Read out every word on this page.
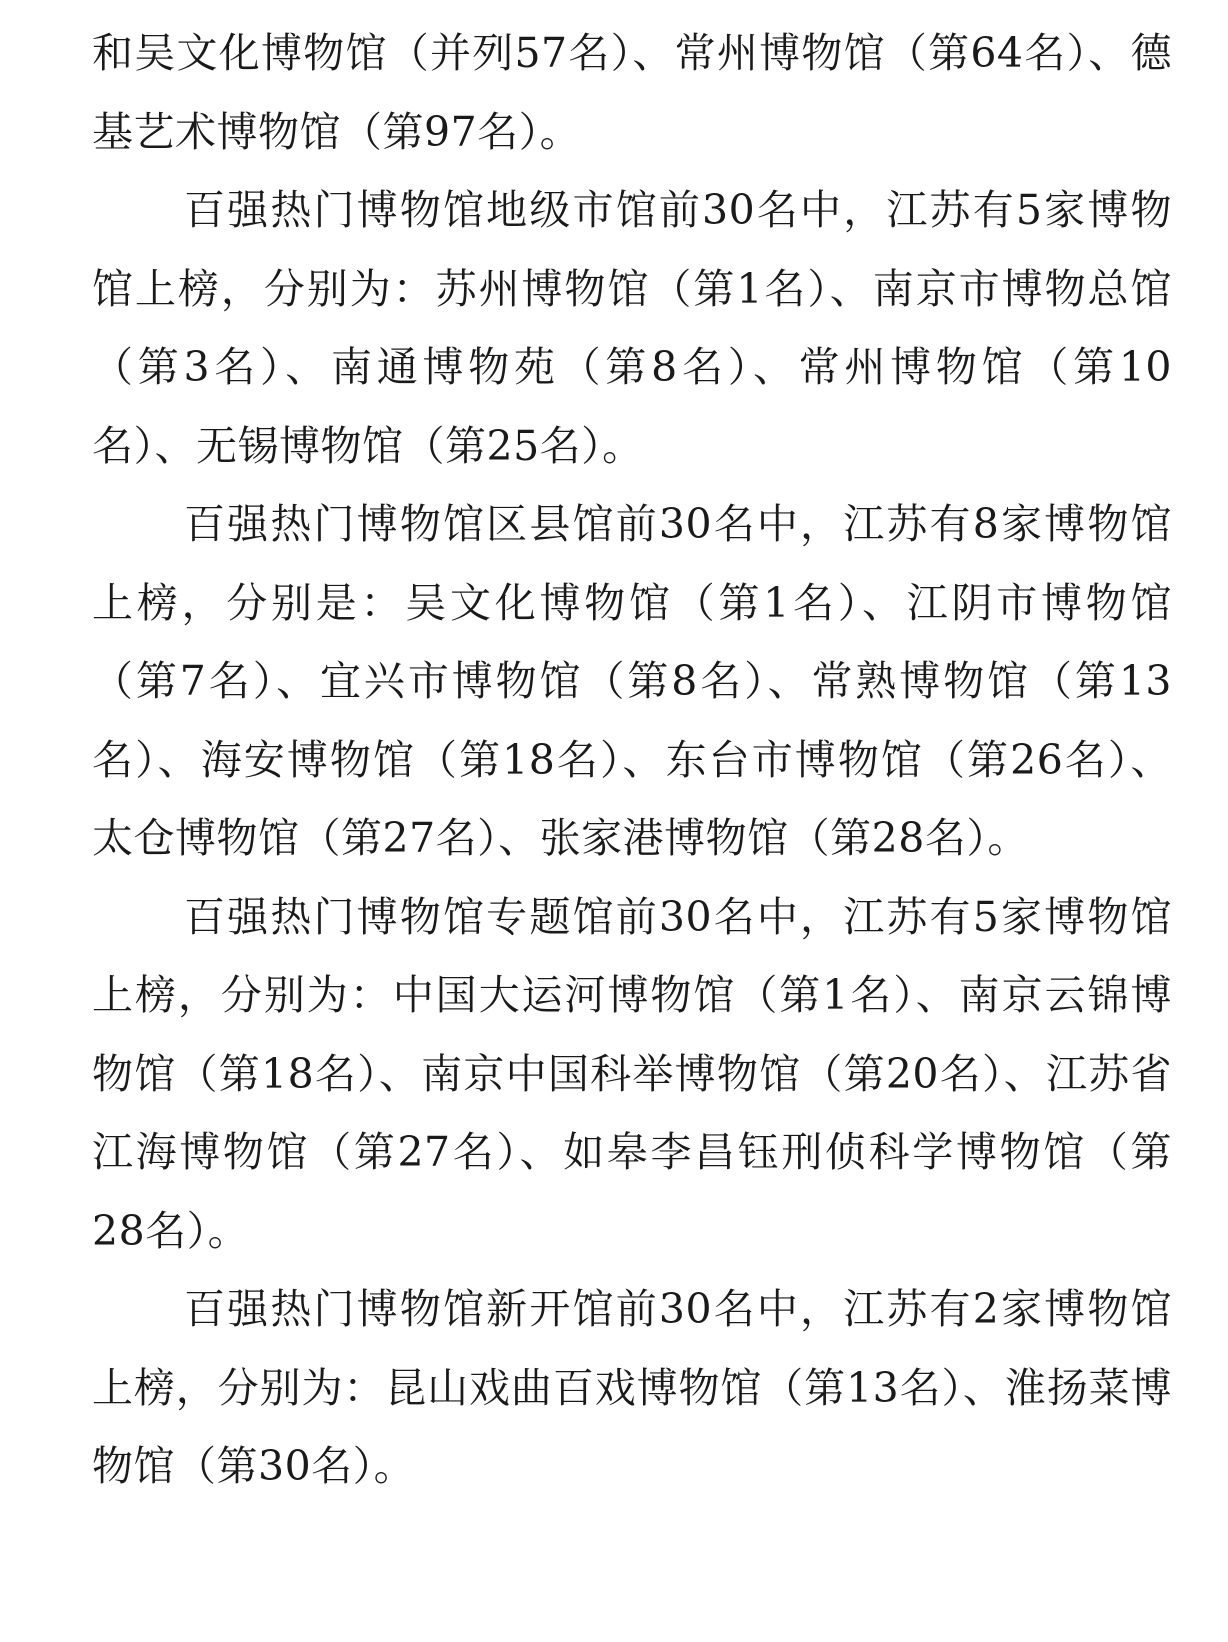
和吴文化博物馆（并列57名）、常州博物馆（第64名）、德基艺术博物馆（第97名）。

百强热门博物馆地级市馆前30名中，江苏有5家博物馆上榜，分别为：苏州博物馆（第1名）、南京市博物总馆（第3名）、南通博物苑（第8名）、常州博物馆（第10名）、无锡博物馆（第25名）。

百强热门博物馆区县馆前30名中，江苏有8家博物馆上榜，分别是：吴文化博物馆（第1名）、江阴市博物馆（第7名）、宜兴市博物馆（第8名）、常熟博物馆（第13名）、海安博物馆（第18名）、东台市博物馆（第26名）、太仓博物馆（第27名）、张家港博物馆（第28名）。

百强热门博物馆专题馆前30名中，江苏有5家博物馆上榜，分别为：中国大运河博物馆（第1名）、南京云锦博物馆（第18名）、南京中国科举博物馆（第20名）、江苏省江海博物馆（第27名）、如皋李昌钰刑侦科学博物馆（第28名）。

百强热门博物馆新开馆前30名中，江苏有2家博物馆上榜，分别为：昆山戏曲百戏博物馆（第13名）、淮扬菜博物馆（第30名）。
